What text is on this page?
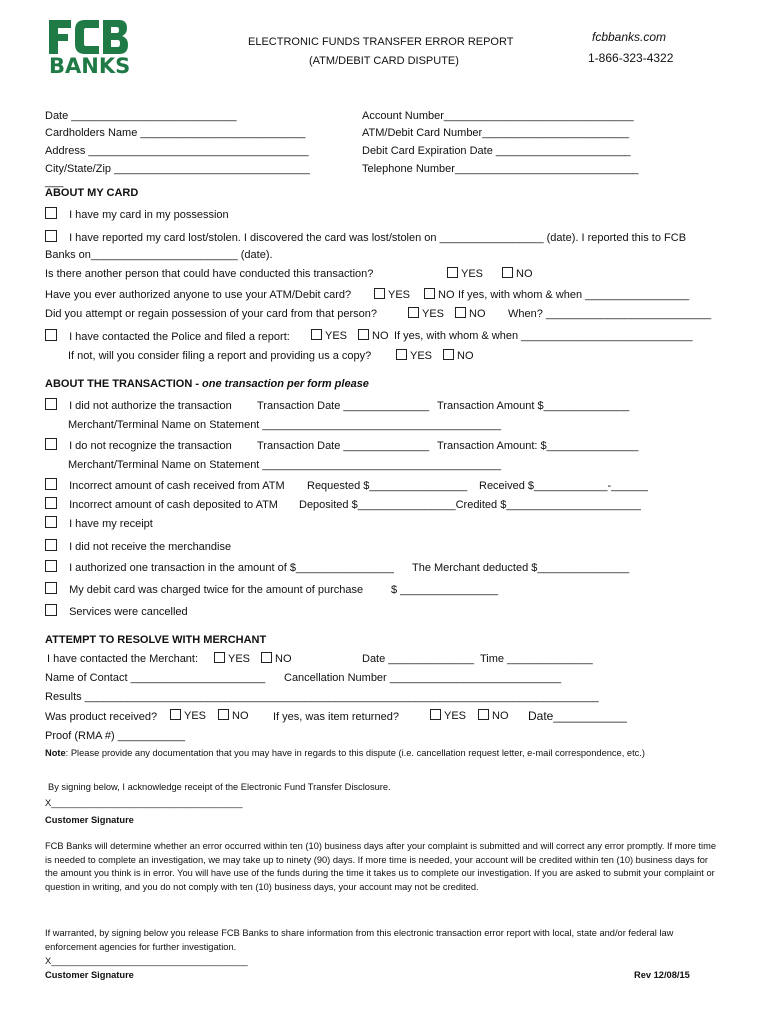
BANKS
ELECTRONIC FUNDS TRANSFER ERROR REPORT
(ATM/DEBIT CARD DISPUTE)
fcbbanks.com
1-866-323-4322
Date ___________________________
Cardholders Name ___________________________
Address ____________________________________
City/State/Zip ________________________________
___
Account Number_______________________________
ATM/Debit Card Number________________________
Debit Card Expiration Date ______________________
Telephone Number______________________________
ABOUT MY CARD
I have my card in my possession
I have reported my card lost/stolen. I discovered the card was lost/stolen on _________________ (date). I reported this to FCB
Banks on________________________ (date).
Is there another person that could have conducted this transaction?	YES	NO
Have you ever authorized anyone to use your ATM/Debit card?	YES	NO If yes, with whom & when _________________
Did you attempt or regain possession of your card from that person?	YES	NO When? ___________________________
I have contacted the Police and filed a report:	YES	NO If yes, with whom & when ____________________________
If not, will you consider filing a report and providing us a copy?	YES	NO
ABOUT THE TRANSACTION - one transaction per form please
I did not authorize the transaction Transaction Date ______________ Transaction Amount $______________
Merchant/Terminal Name on Statement _______________________________________
I do not recognize the transaction Transaction Date ______________ Transaction Amount: $_______________
Merchant/Terminal Name on Statement _______________________________________
Incorrect amount of cash received from ATM Requested $________________ Received $____________-______
Incorrect amount of cash deposited to ATM Deposited $________________Credited $______________________
I have my receipt
I did not receive the merchandise
I authorized one transaction in the amount of $________________ The Merchant deducted $_______________
My debit card was charged twice for the amount of purchase	$ ________________
Services were cancelled
ATTEMPT TO RESOLVE WITH MERCHANT
I have contacted the Merchant:	YES	NO	Date ______________ Time ______________
Name of Contact ______________________ Cancellation Number ____________________________
Results ____________________________________________________________________________________
Was product received?	YES	NO If yes, was item returned?	YES	NO Date___________
Proof (RMA #) ___________
Note: Please provide any documentation that you may have in regards to this dispute (i.e. cancellation request letter, e-mail correspondence, etc.)
By signing below, I acknowledge receipt of the Electronic Fund Transfer Disclosure.
X_____________________________________
Customer Signature
FCB Banks will determine whether an error occurred within ten (10) business days after your complaint is submitted and will correct any error promptly. If more time is needed to complete an investigation, we may take up to ninety (90) days. If more time is needed, your account will be credited within ten (10) business days for the amount you think is in error. You will have use of the funds during the time it takes us to complete our investigation. If you are asked to submit your complaint or question in writing, and you do not comply with ten (10) business days, your account may not be credited.
If warranted, by signing below you release FCB Banks to share information from this electronic transaction error report with local, state and/or federal law enforcement agencies for further investigation.
X______________________________________
Customer Signature	Rev 12/08/15
